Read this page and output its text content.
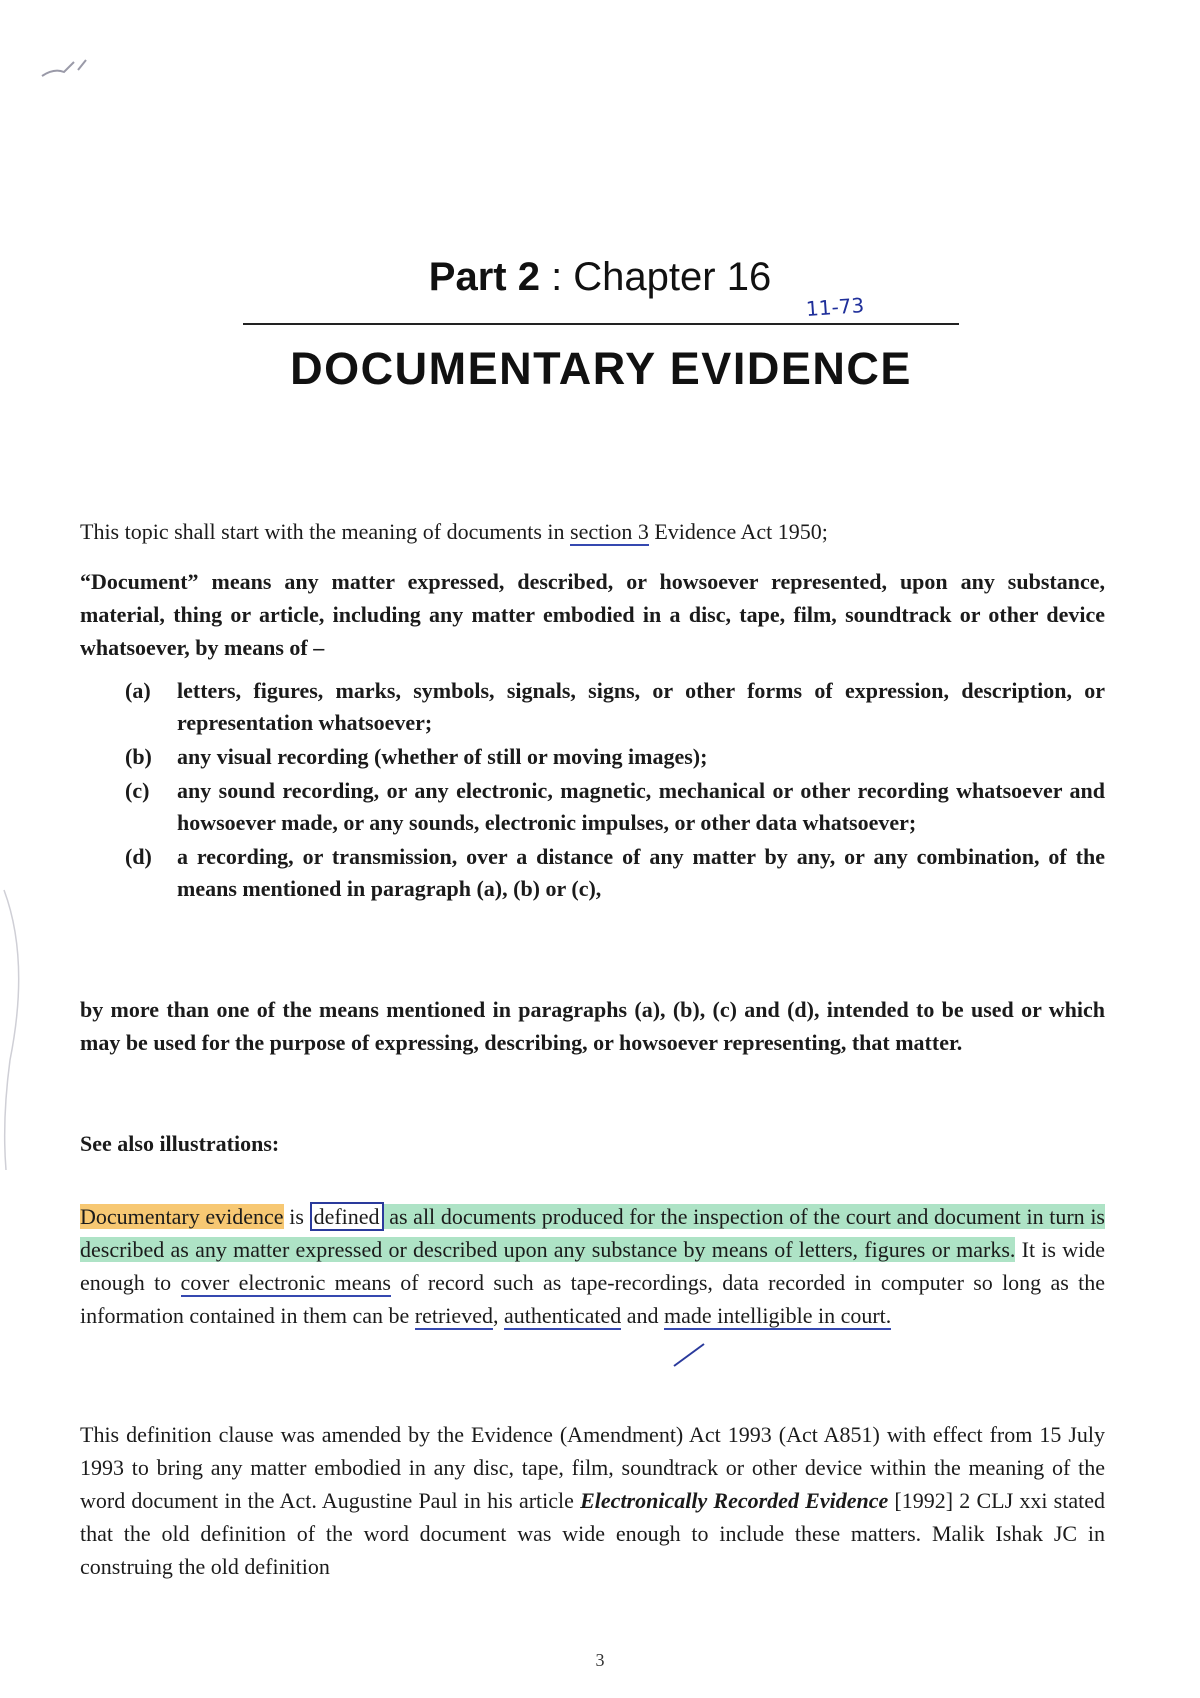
Part 2 : Chapter 16
11-73
DOCUMENTARY EVIDENCE
This topic shall start with the meaning of documents in section 3 Evidence Act 1950;
“Document” means any matter expressed, described, or howsoever represented, upon any substance, material, thing or article, including any matter embodied in a disc, tape, film, soundtrack or other device whatsoever, by means of –
(a)	letters, figures, marks, symbols, signals, signs, or other forms of expression, description, or representation whatsoever;
(b)	any visual recording (whether of still or moving images);
(c)	any sound recording, or any electronic, magnetic, mechanical or other recording whatsoever and howsoever made, or any sounds, electronic impulses, or other data whatsoever;
(d)	a recording, or transmission, over a distance of any matter by any, or any combination, of the means mentioned in paragraph (a), (b) or (c),
by more than one of the means mentioned in paragraphs (a), (b), (c) and (d), intended to be used or which may be used for the purpose of expressing, describing, or howsoever representing, that matter.
See also illustrations:
Documentary evidence is defined as all documents produced for the inspection of the court and document in turn is described as any matter expressed or described upon any substance by means of letters, figures or marks. It is wide enough to cover electronic means of record such as tape-recordings, data recorded in computer so long as the information contained in them can be retrieved, authenticated and made intelligible in court.
This definition clause was amended by the Evidence (Amendment) Act 1993 (Act A851) with effect from 15 July 1993 to bring any matter embodied in any disc, tape, film, soundtrack or other device within the meaning of the word document in the Act. Augustine Paul in his article Electronically Recorded Evidence [1992] 2 CLJ xxi stated that the old definition of the word document was wide enough to include these matters. Malik Ishak JC in construing the old definition
3
